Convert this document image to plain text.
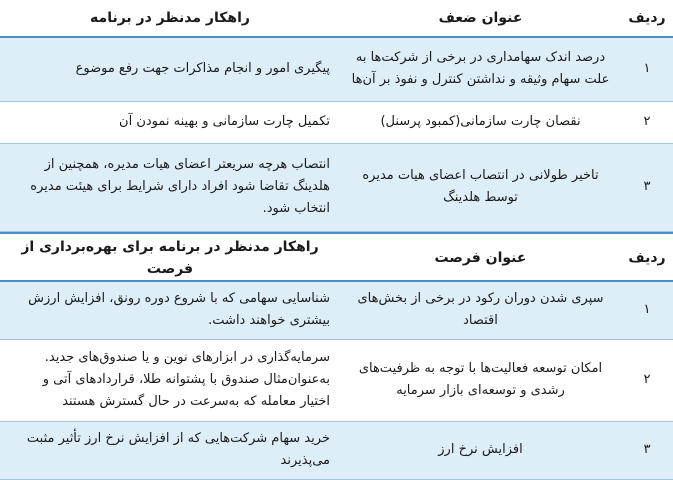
ردیف	عنوان ضعف	راهکار مدنظر در برنامه
۱	درصد اندک سهامداری در برخی از شرکت‌ها به علت سهام وثیقه و نداشتن کنترل و نفوذ بر آن‌ها	پیگیری امور و انجام مذاکرات جهت رفع موضوع
۲	نقصان چارت سازمانی(کمبود پرسنل)	تکمیل چارت سازمانی و بهینه نمودن آن
۳	تاخیر طولانی در انتصاب اعضای هیات مدیره توسط هلدینگ	انتصاب هرچه سریعتر اعضای هیات مدیره، همچنین از هلدینگ تقاضا شود افراد دارای شرایط برای هیئت مدیره انتخاب شود.
ردیف	عنوان فرصت	راهکار مدنظر در برنامه برای بهره‌برداری از فرصت
۱	سپری شدن دوران رکود در برخی از بخش‌های اقتصاد	شناسایی سهامی که با شروع دوره رونق، افزایش ارزش بیشتری خواهند داشت.
۲	امکان توسعه فعالیت‌ها با توجه به ظرفیت‌های رشدی و توسعه‌ای بازار سرمایه	سرمایه‌گذاری در ابزارهای نوین و یا صندوق‌های جدید. به‌عنوان‌مثال صندوق با پشتوانه طلا، قراردادهای آتی و اختیار معامله که به‌سرعت در حال گسترش هستند
۳	افزایش نرخ ارز	خرید سهام شرکت‌هایی که از افزایش نرخ ارز تأثیر مثبت می‌پذیرند
